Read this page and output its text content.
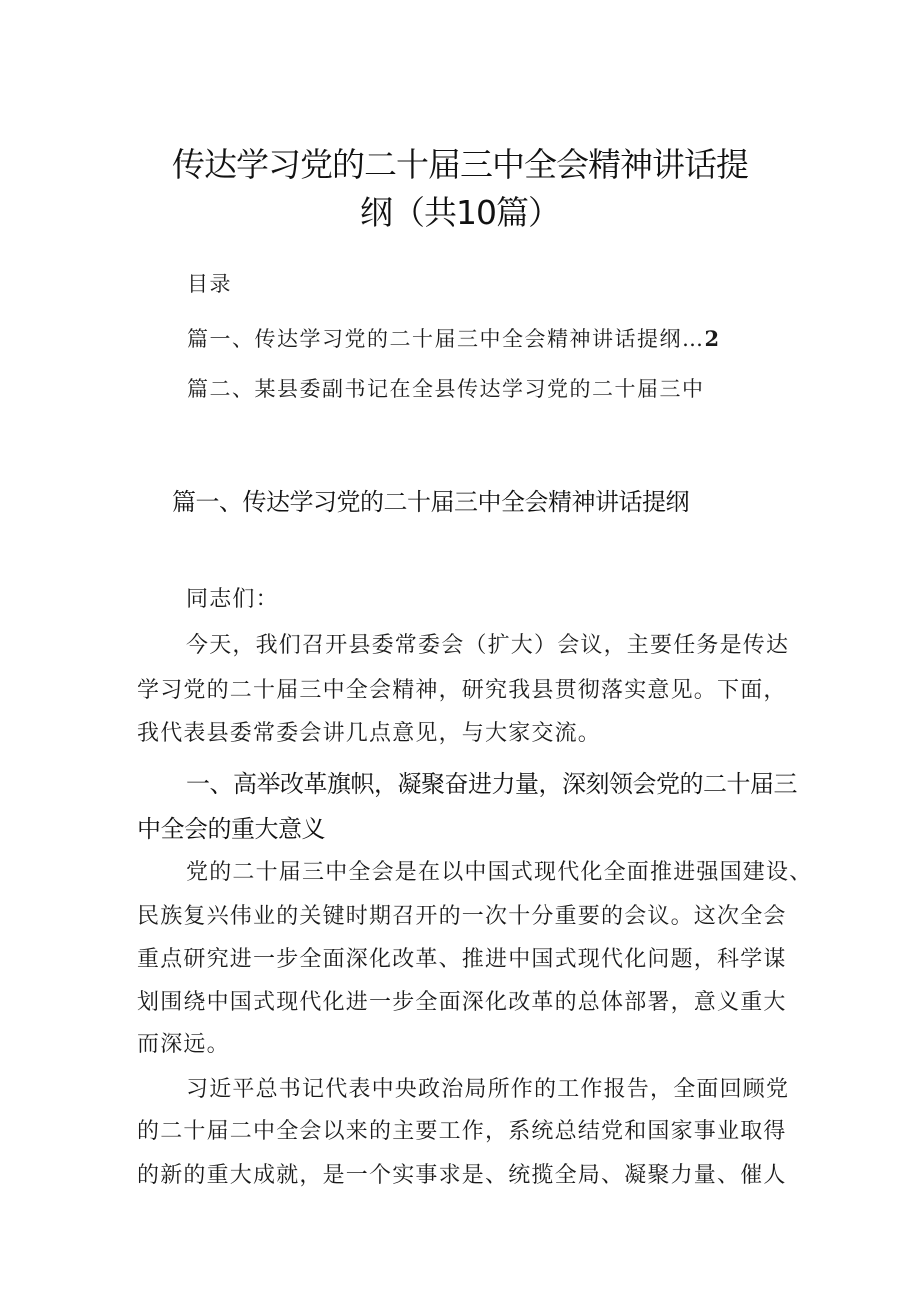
传达学习党的二十届三中全会精神讲话提
纲（共10篇）
目录
篇一、传达学习党的二十届三中全会精神讲话提纲…2
篇二、某县委副书记在全县传达学习党的二十届三中
篇一、传达学习党的二十届三中全会精神讲话提纲
同志们：
今天，我们召开县委常委会（扩大）会议，主要任务是传达
学习党的二十届三中全会精神，研究我县贯彻落实意见。下面，
我代表县委常委会讲几点意见，与大家交流。
一、高举改革旗帜，凝聚奋进力量，深刻领会党的二十届三
中全会的重大意义
党的二十届三中全会是在以中国式现代化全面推进强国建设、
民族复兴伟业的关键时期召开的一次十分重要的会议。这次全会
重点研究进一步全面深化改革、推进中国式现代化问题，科学谋
划围绕中国式现代化进一步全面深化改革的总体部署，意义重大
而深远。
习近平总书记代表中央政治局所作的工作报告，全面回顾党
的二十届二中全会以来的主要工作，系统总结党和国家事业取得
的新的重大成就，是一个实事求是、统揽全局、凝聚力量、催人
